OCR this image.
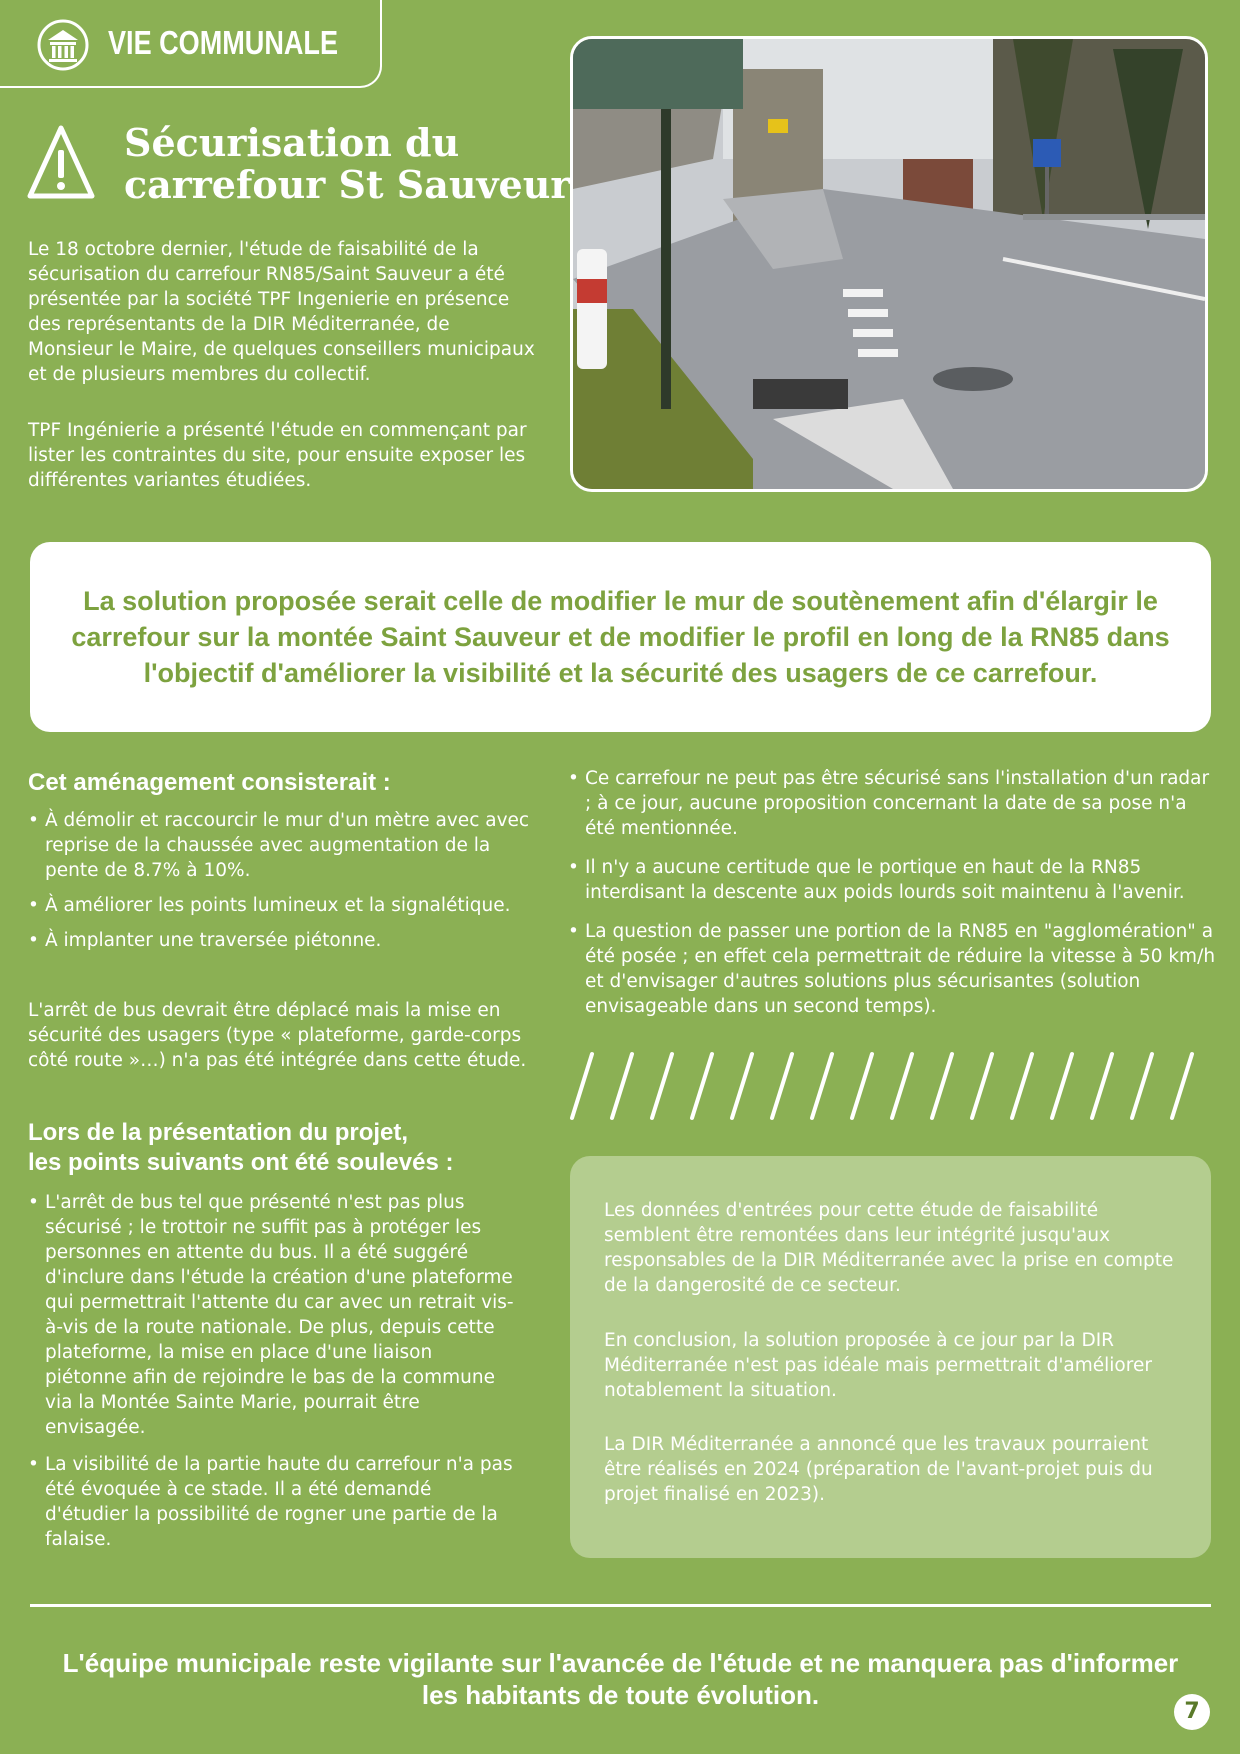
VIE COMMUNALE
Sécurisation du
carrefour St Sauveur

Le 18 octobre dernier, l'étude de faisabilité de la sécurisation du carrefour RN85/Saint Sauveur a été présentée par la société TPF Ingenierie en présence des représentants de la DIR Méditerranée, de Monsieur le Maire, de quelques conseillers municipaux et de plusieurs membres du collectif.

TPF Ingénierie a présenté l'étude en commençant par lister les contraintes du site, pour ensuite exposer les différentes variantes étudiées.

La solution proposée serait celle de modifier le mur de soutènement afin d'élargir le carrefour sur la montée Saint Sauveur et de modifier le profil en long de la RN85 dans l'objectif d'améliorer la visibilité et la sécurité des usagers de ce carrefour.

Cet aménagement consisterait :
• À démolir et raccourcir le mur d'un mètre avec avec reprise de la chaussée avec augmentation de la pente de 8.7% à 10%.
• À améliorer les points lumineux et la signalétique.
• À implanter une traversée piétonne.

L'arrêt de bus devrait être déplacé mais la mise en sécurité des usagers (type « plateforme, garde-corps côté route »…) n'a pas été intégrée dans cette étude.

Lors de la présentation du projet,
les points suivants ont été soulevés :
• L'arrêt de bus tel que présenté n'est pas plus sécurisé ; le trottoir ne suffit pas à protéger les personnes en attente du bus. Il a été suggéré d'inclure dans l'étude la création d'une plateforme qui permettrait l'attente du car avec un retrait vis-à-vis de la route nationale. De plus, depuis cette plateforme, la mise en place d'une liaison piétonne afin de rejoindre le bas de la commune via la Montée Sainte Marie, pourrait être envisagée.
• La visibilité de la partie haute du carrefour n'a pas été évoquée à ce stade. Il a été demandé d'étudier la possibilité de rogner une partie de la falaise.
• Ce carrefour ne peut pas être sécurisé sans l'installation d'un radar ; à ce jour, aucune proposition concernant la date de sa pose n'a été mentionnée.
• Il n'y a aucune certitude que le portique en haut de la RN85 interdisant la descente aux poids lourds soit maintenu à l'avenir.
• La question de passer une portion de la RN85 en "agglomération" a été posée ; en effet cela permettrait de réduire la vitesse à 50 km/h et d'envisager d'autres solutions plus sécurisantes (solution envisageable dans un second temps).

Les données d'entrées pour cette étude de faisabilité semblent être remontées dans leur intégrité jusqu'aux responsables de la DIR Méditerranée avec la prise en compte de la dangerosité de ce secteur.

En conclusion, la solution proposée à ce jour par la DIR Méditerranée n'est pas idéale mais permettrait d'améliorer notablement la situation.

La DIR Méditerranée a annoncé que les travaux pourraient être réalisés en 2024 (préparation de l'avant-projet puis du projet finalisé en 2023).

L'équipe municipale reste vigilante sur l'avancée de l'étude et ne manquera pas d'informer
les habitants de toute évolution.

7
